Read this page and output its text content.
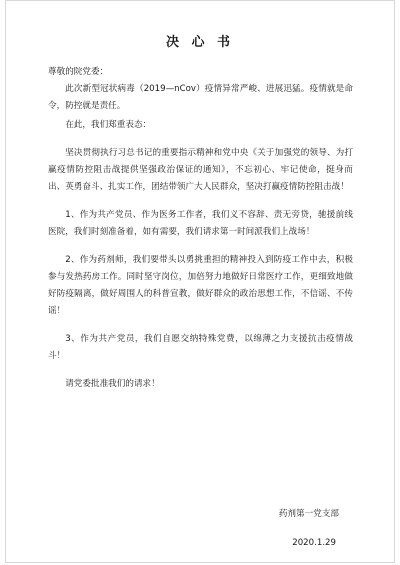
决 心 书

尊敬的院党委：

此次新型冠状病毒（2019—nCov）疫情异常严峻、进展迅猛。疫情就是命令，防控就是责任。

在此，我们郑重表态：

坚决贯彻执行习总书记的重要指示精神和党中央《关于加强党的领导、为打赢疫情防控阻击战提供坚强政治保证的通知》，不忘初心、牢记使命，挺身而出、英勇奋斗、扎实工作，团结带领广大人民群众，坚决打赢疫情防控阻击战！

1、作为共产党员、作为医务工作者，我们义不容辞、责无旁贷，驰援前线医院，我们时刻准备着，如有需要，我们请求第一时间派我们上战场！

2、作为药剂师，我们要带头以勇挑重担的精神投入到防疫工作中去，积极参与发热药房工作。同时坚守岗位，加倍努力地做好日常医疗工作，更细致地做好防疫隔离，做好周围人的科普宣教，做好群众的政治思想工作，不信谣、不传谣！

3、作为共产党员，我们自愿交纳特殊党费，以绵薄之力支援抗击疫情战斗！

请党委批准我们的请求！

药剂第一党支部
2020.1.29
